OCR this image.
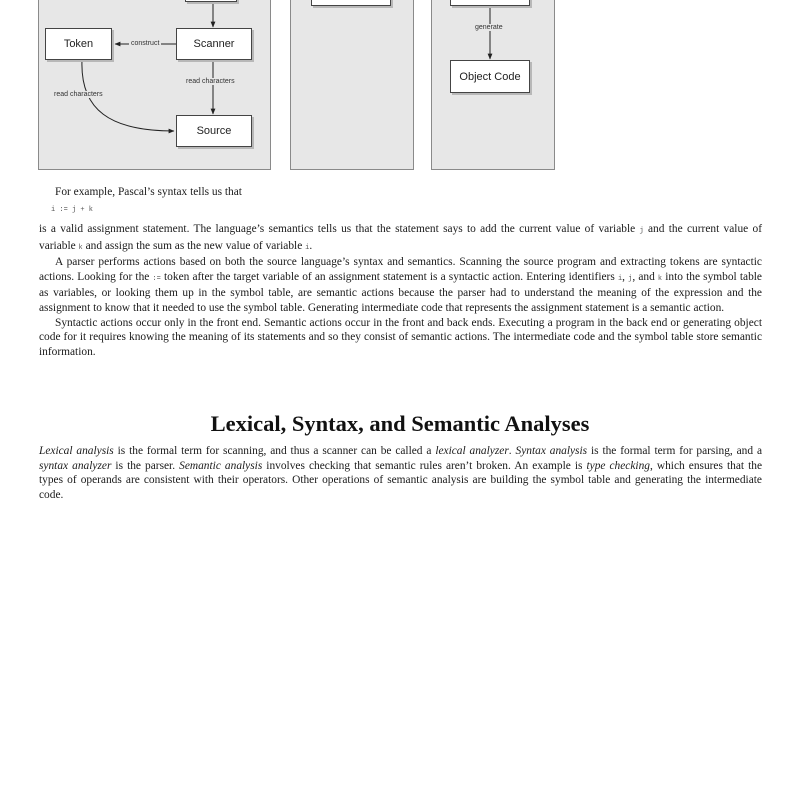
Token	Scanner
Source
Object Code
construct
read characters
read characters
generate
For example, Pascal’s syntax tells us that
i := j + k

is a valid assignment statement. The language’s semantics tells us that the statement says to add the current value of variable j and the current value of variable k and assign the sum as the new value of variable i.

A parser performs actions based on both the source language’s syntax and semantics. Scanning the source program and extracting tokens are syntactic actions. Looking for the := token after the target variable of an assignment statement is a syntactic action. Entering identifiers i, j, and k into the symbol table as variables, or looking them up in the symbol table, are semantic actions because the parser had to understand the meaning of the expression and the assignment to know that it needed to use the symbol table. Generating intermediate code that represents the assignment statement is a semantic action.

Syntactic actions occur only in the front end. Semantic actions occur in the front and back ends. Executing a program in the back end or generating object code for it requires knowing the meaning of its statements and so they consist of semantic actions. The intermediate code and the symbol table store semantic information.

Lexical, Syntax, and Semantic Analyses

Lexical analysis is the formal term for scanning, and thus a scanner can be called a lexical analyzer. Syntax analysis is the formal term for parsing, and a syntax analyzer is the parser. Semantic analysis involves checking that semantic rules aren’t broken. An example is type checking, which ensures that the types of operands are consistent with their operators. Other operations of semantic analysis are building the symbol table and generating the intermediate code.
